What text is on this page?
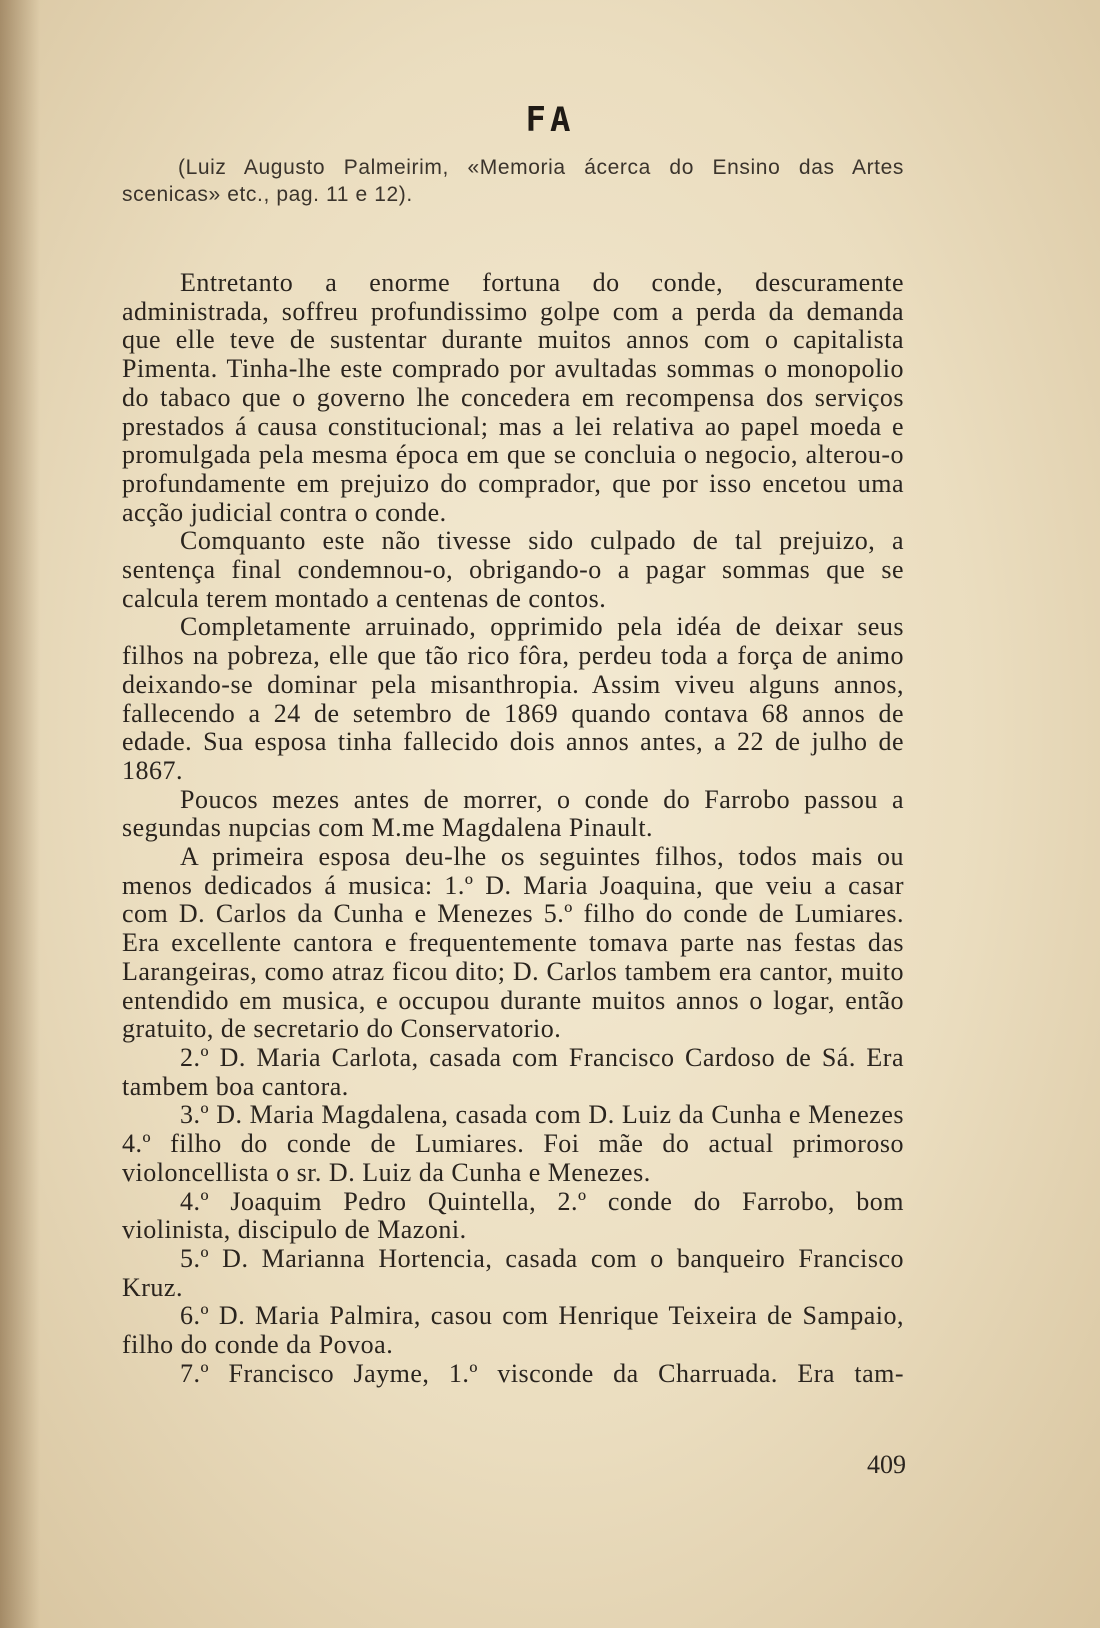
FA
(Luiz Augusto Palmeirim, «Memoria ácerca do Ensino das Artes scenicas» etc., pag. 11 e 12).

Entretanto a enorme fortuna do conde, descuramente administrada, soffreu profundissimo golpe com a perda da demanda que elle teve de sustentar durante muitos annos com o capitalista Pimenta. Tinha-lhe este comprado por avultadas sommas o monopolio do tabaco que o governo lhe concedera em recompensa dos serviços prestados á causa constitucional; mas a lei relativa ao papel moeda e promulgada pela mesma época em que se concluia o negocio, alterou-o profundamente em prejuizo do comprador, que por isso encetou uma acção judicial contra o conde.

Comquanto este não tivesse sido culpado de tal prejuizo, a sentença final condemnou-o, obrigando-o a pagar sommas que se calcula terem montado a centenas de contos.

Completamente arruinado, opprimido pela idéa de deixar seus filhos na pobreza, elle que tão rico fôra, perdeu toda a força de animo deixando-se dominar pela misanthropia. Assim viveu alguns annos, fallecendo a 24 de setembro de 1869 quando contava 68 annos de edade. Sua esposa tinha fallecido dois annos antes, a 22 de julho de 1867.

Poucos mezes antes de morrer, o conde do Farrobo passou a segundas nupcias com M.me Magdalena Pinault.

A primeira esposa deu-lhe os seguintes filhos, todos mais ou menos dedicados á musica: 1.º D. Maria Joaquina, que veiu a casar com D. Carlos da Cunha e Menezes 5.º filho do conde de Lumiares. Era excellente cantora e frequentemente tomava parte nas festas das Larangeiras, como atraz ficou dito; D. Carlos tambem era cantor, muito entendido em musica, e occupou durante muitos annos o logar, então gratuito, de secretario do Conservatorio.

2.º D. Maria Carlota, casada com Francisco Cardoso de Sá. Era tambem boa cantora.

3.º D. Maria Magdalena, casada com D. Luiz da Cunha e Menezes 4.º filho do conde de Lumiares. Foi mãe do actual primoroso violoncellista o sr. D. Luiz da Cunha e Menezes.

4.º Joaquim Pedro Quintella, 2.º conde do Farrobo, bom violinista, discipulo de Mazoni.

5.º D. Marianna Hortencia, casada com o banqueiro Francisco Kruz.

6.º D. Maria Palmira, casou com Henrique Teixeira de Sampaio, filho do conde da Povoa.

7.º Francisco Jayme, 1.º visconde da Charruada. Era tam-

409
